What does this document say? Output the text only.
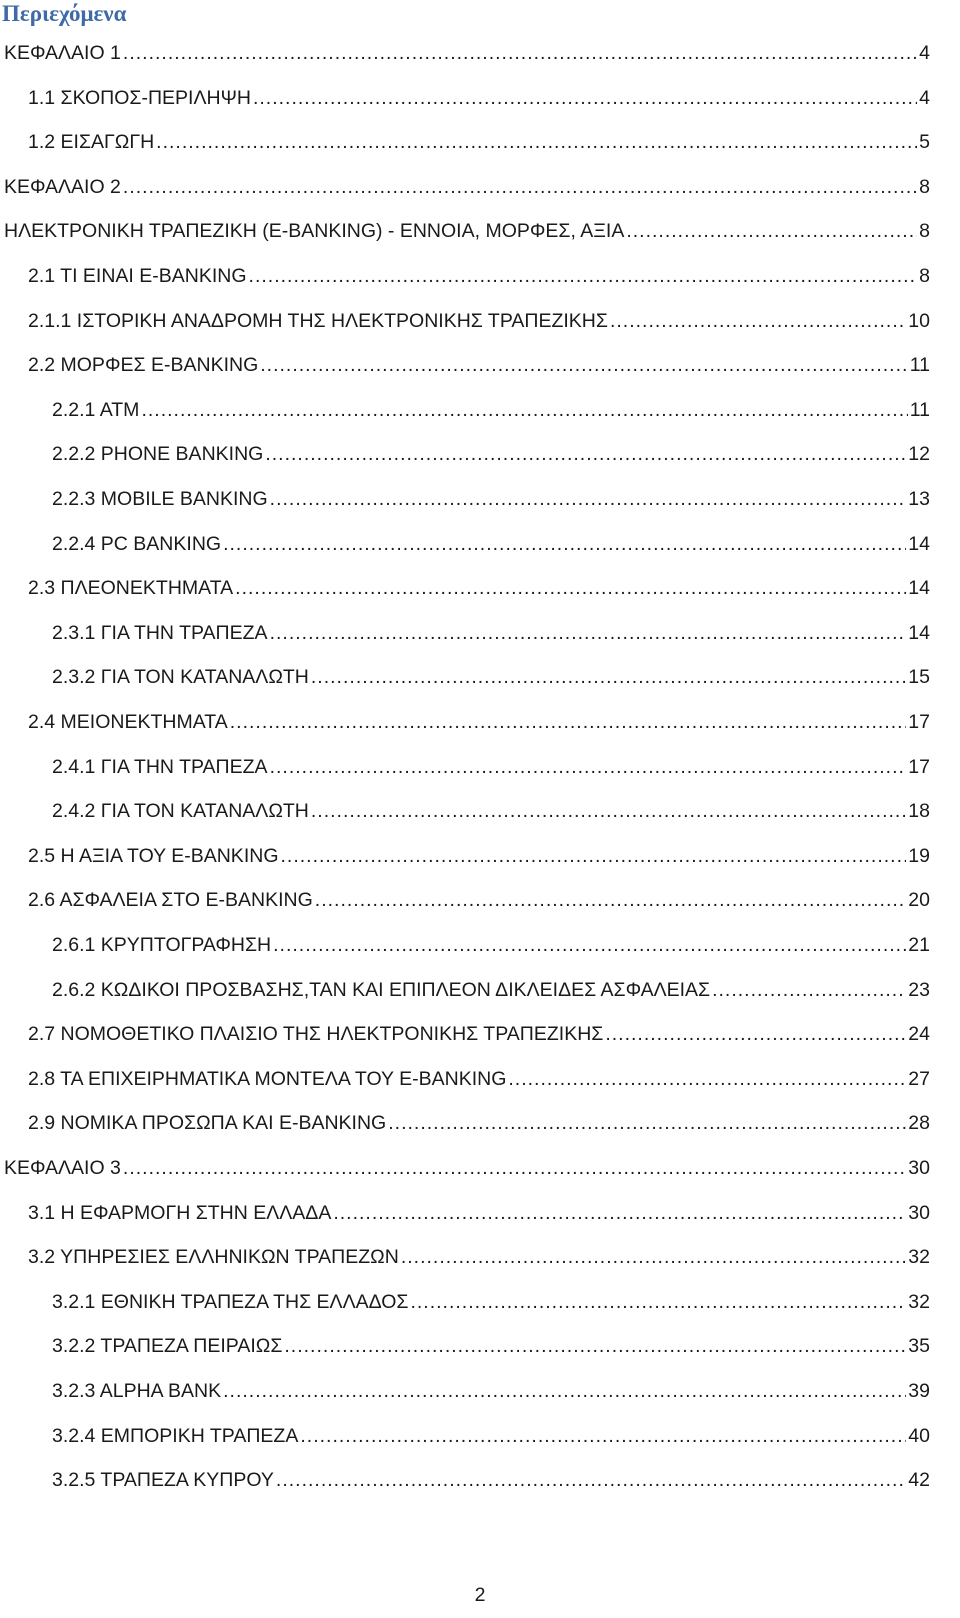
Περιεχόμενα
ΚΕΦΑΛΑΙΟ 1 .....	4
1.1 ΣΚΟΠΟΣ-ΠΕΡΙΛΗΨΗ .....	4
1.2 ΕΙΣΑΓΩΓΗ .....	5
ΚΕΦΑΛΑΙΟ 2 .....	8
ΗΛΕΚΤΡΟΝΙΚΗ ΤΡΑΠΕΖΙΚΗ (E-BANKING) - ΕΝΝΟΙΑ, ΜΟΡΦΕΣ, ΑΞΙΑ .....	8
2.1 ΤΙ ΕΙΝΑΙ E-BANKING .....	8
2.1.1 ΙΣΤΟΡΙΚΗ ΑΝΑΔΡΟΜΗ ΤΗΣ ΗΛΕΚΤΡΟΝΙΚΗΣ ΤΡΑΠΕΖΙΚΗΣ .....	10
2.2 ΜΟΡΦΕΣ E-BANKING .....	11
2.2.1 ATM .....	11
2.2.2 PHONE BANKING .....	12
2.2.3 MOBILE BANKING .....	13
2.2.4 PC BANKING .....	14
2.3 ΠΛΕΟΝΕΚΤΗΜΑΤΑ .....	14
2.3.1 ΓΙΑ ΤΗΝ ΤΡΑΠΕΖΑ .....	14
2.3.2 ΓΙΑ ΤΟΝ ΚΑΤΑΝΑΛΩΤΗ .....	15
2.4 ΜΕΙΟΝΕΚΤΗΜΑΤΑ .....	17
2.4.1 ΓΙΑ ΤΗΝ ΤΡΑΠΕΖΑ .....	17
2.4.2 ΓΙΑ ΤΟΝ ΚΑΤΑΝΑΛΩΤΗ .....	18
2.5 Η ΑΞΙΑ ΤΟΥ E-BANKING .....	19
2.6 ΑΣΦΑΛΕΙΑ ΣΤΟ E-BANKING .....	20
2.6.1 ΚΡΥΠΤΟΓΡΑΦΗΣΗ .....	21
2.6.2 ΚΩΔΙΚΟΙ ΠΡΟΣΒΑΣΗΣ,TAN ΚΑΙ ΕΠΙΠΛΕΟΝ ΔΙΚΛΕΙΔΕΣ ΑΣΦΑΛΕΙΑΣ .....	23
2.7 ΝΟΜΟΘΕΤΙΚΟ ΠΛΑΙΣΙΟ ΤΗΣ ΗΛΕΚΤΡΟΝΙΚΗΣ ΤΡΑΠΕΖΙΚΗΣ .....	24
2.8 ΤΑ ΕΠΙΧΕΙΡΗΜΑΤΙΚΑ ΜΟΝΤΕΛΑ ΤΟΥ E-BANKING .....	27
2.9 ΝΟΜΙΚΑ ΠΡΟΣΩΠΑ ΚΑΙ E-BANKING .....	28
ΚΕΦΑΛΑΙΟ 3 .....	30
3.1 Η ΕΦΑΡΜΟΓΗ ΣΤΗΝ ΕΛΛΑΔΑ .....	30
3.2 ΥΠΗΡΕΣΙΕΣ ΕΛΛΗΝΙΚΩΝ ΤΡΑΠΕΖΩΝ .....	32
3.2.1 ΕΘΝΙΚΗ ΤΡΑΠΕΖΑ ΤΗΣ ΕΛΛΑΔΟΣ .....	32
3.2.2 ΤΡΑΠΕΖΑ ΠΕΙΡΑΙΩΣ .....	35
3.2.3 ALPHA BANK .....	39
3.2.4 ΕΜΠΟΡΙΚΗ ΤΡΑΠΕΖΑ .....	40
3.2.5 ΤΡΑΠΕΖΑ ΚΥΠΡΟΥ .....	42
2
